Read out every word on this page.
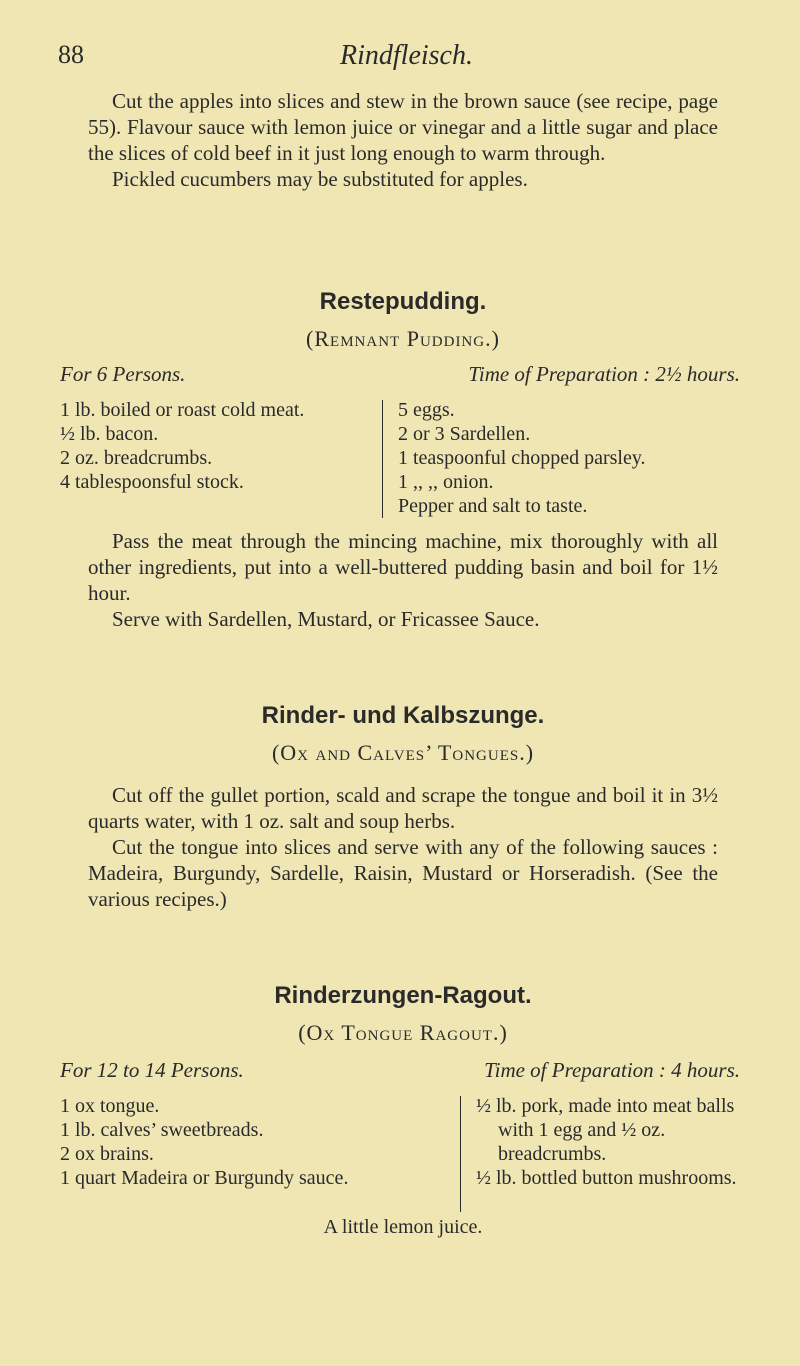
88	Rindfleisch.

Cut the apples into slices and stew in the brown sauce (see recipe, page 55). Flavour sauce with lemon juice or vinegar and a little sugar and place the slices of cold beef in it just long enough to warm through.

Pickled cucumbers may be substituted for apples.

Restepudding.
(Remnant Pudding.)
For 6 Persons.	Time of Preparation : 2½ hours.
1 lb. boiled or roast cold meat.
½ lb. bacon.
2 oz. breadcrumbs.
4 tablespoonsful stock.
5 eggs.
2 or 3 Sardellen.
1 teaspoonful chopped parsley.
1 ,, ,, onion.
Pepper and salt to taste.

Pass the meat through the mincing machine, mix thoroughly with all other ingredients, put into a well-buttered pudding basin and boil for 1½ hour.

Serve with Sardellen, Mustard, or Fricassee Sauce.

Rinder- und Kalbszunge.
(Ox and Calves’ Tongues.)

Cut off the gullet portion, scald and scrape the tongue and boil it in 3½ quarts water, with 1 oz. salt and soup herbs.

Cut the tongue into slices and serve with any of the following sauces : Madeira, Burgundy, Sardelle, Raisin, Mustard or Horseradish. (See the various recipes.)

Rinderzungen-Ragout.
(Ox Tongue Ragout.)
For 12 to 14 Persons.	Time of Preparation : 4 hours.
1 ox tongue.
1 lb. calves’ sweetbreads.
2 ox brains.
1 quart Madeira or Burgundy sauce.
½ lb. pork, made into meat balls with 1 egg and ½ oz. breadcrumbs.
½ lb. bottled button mushrooms.
A little lemon juice.
